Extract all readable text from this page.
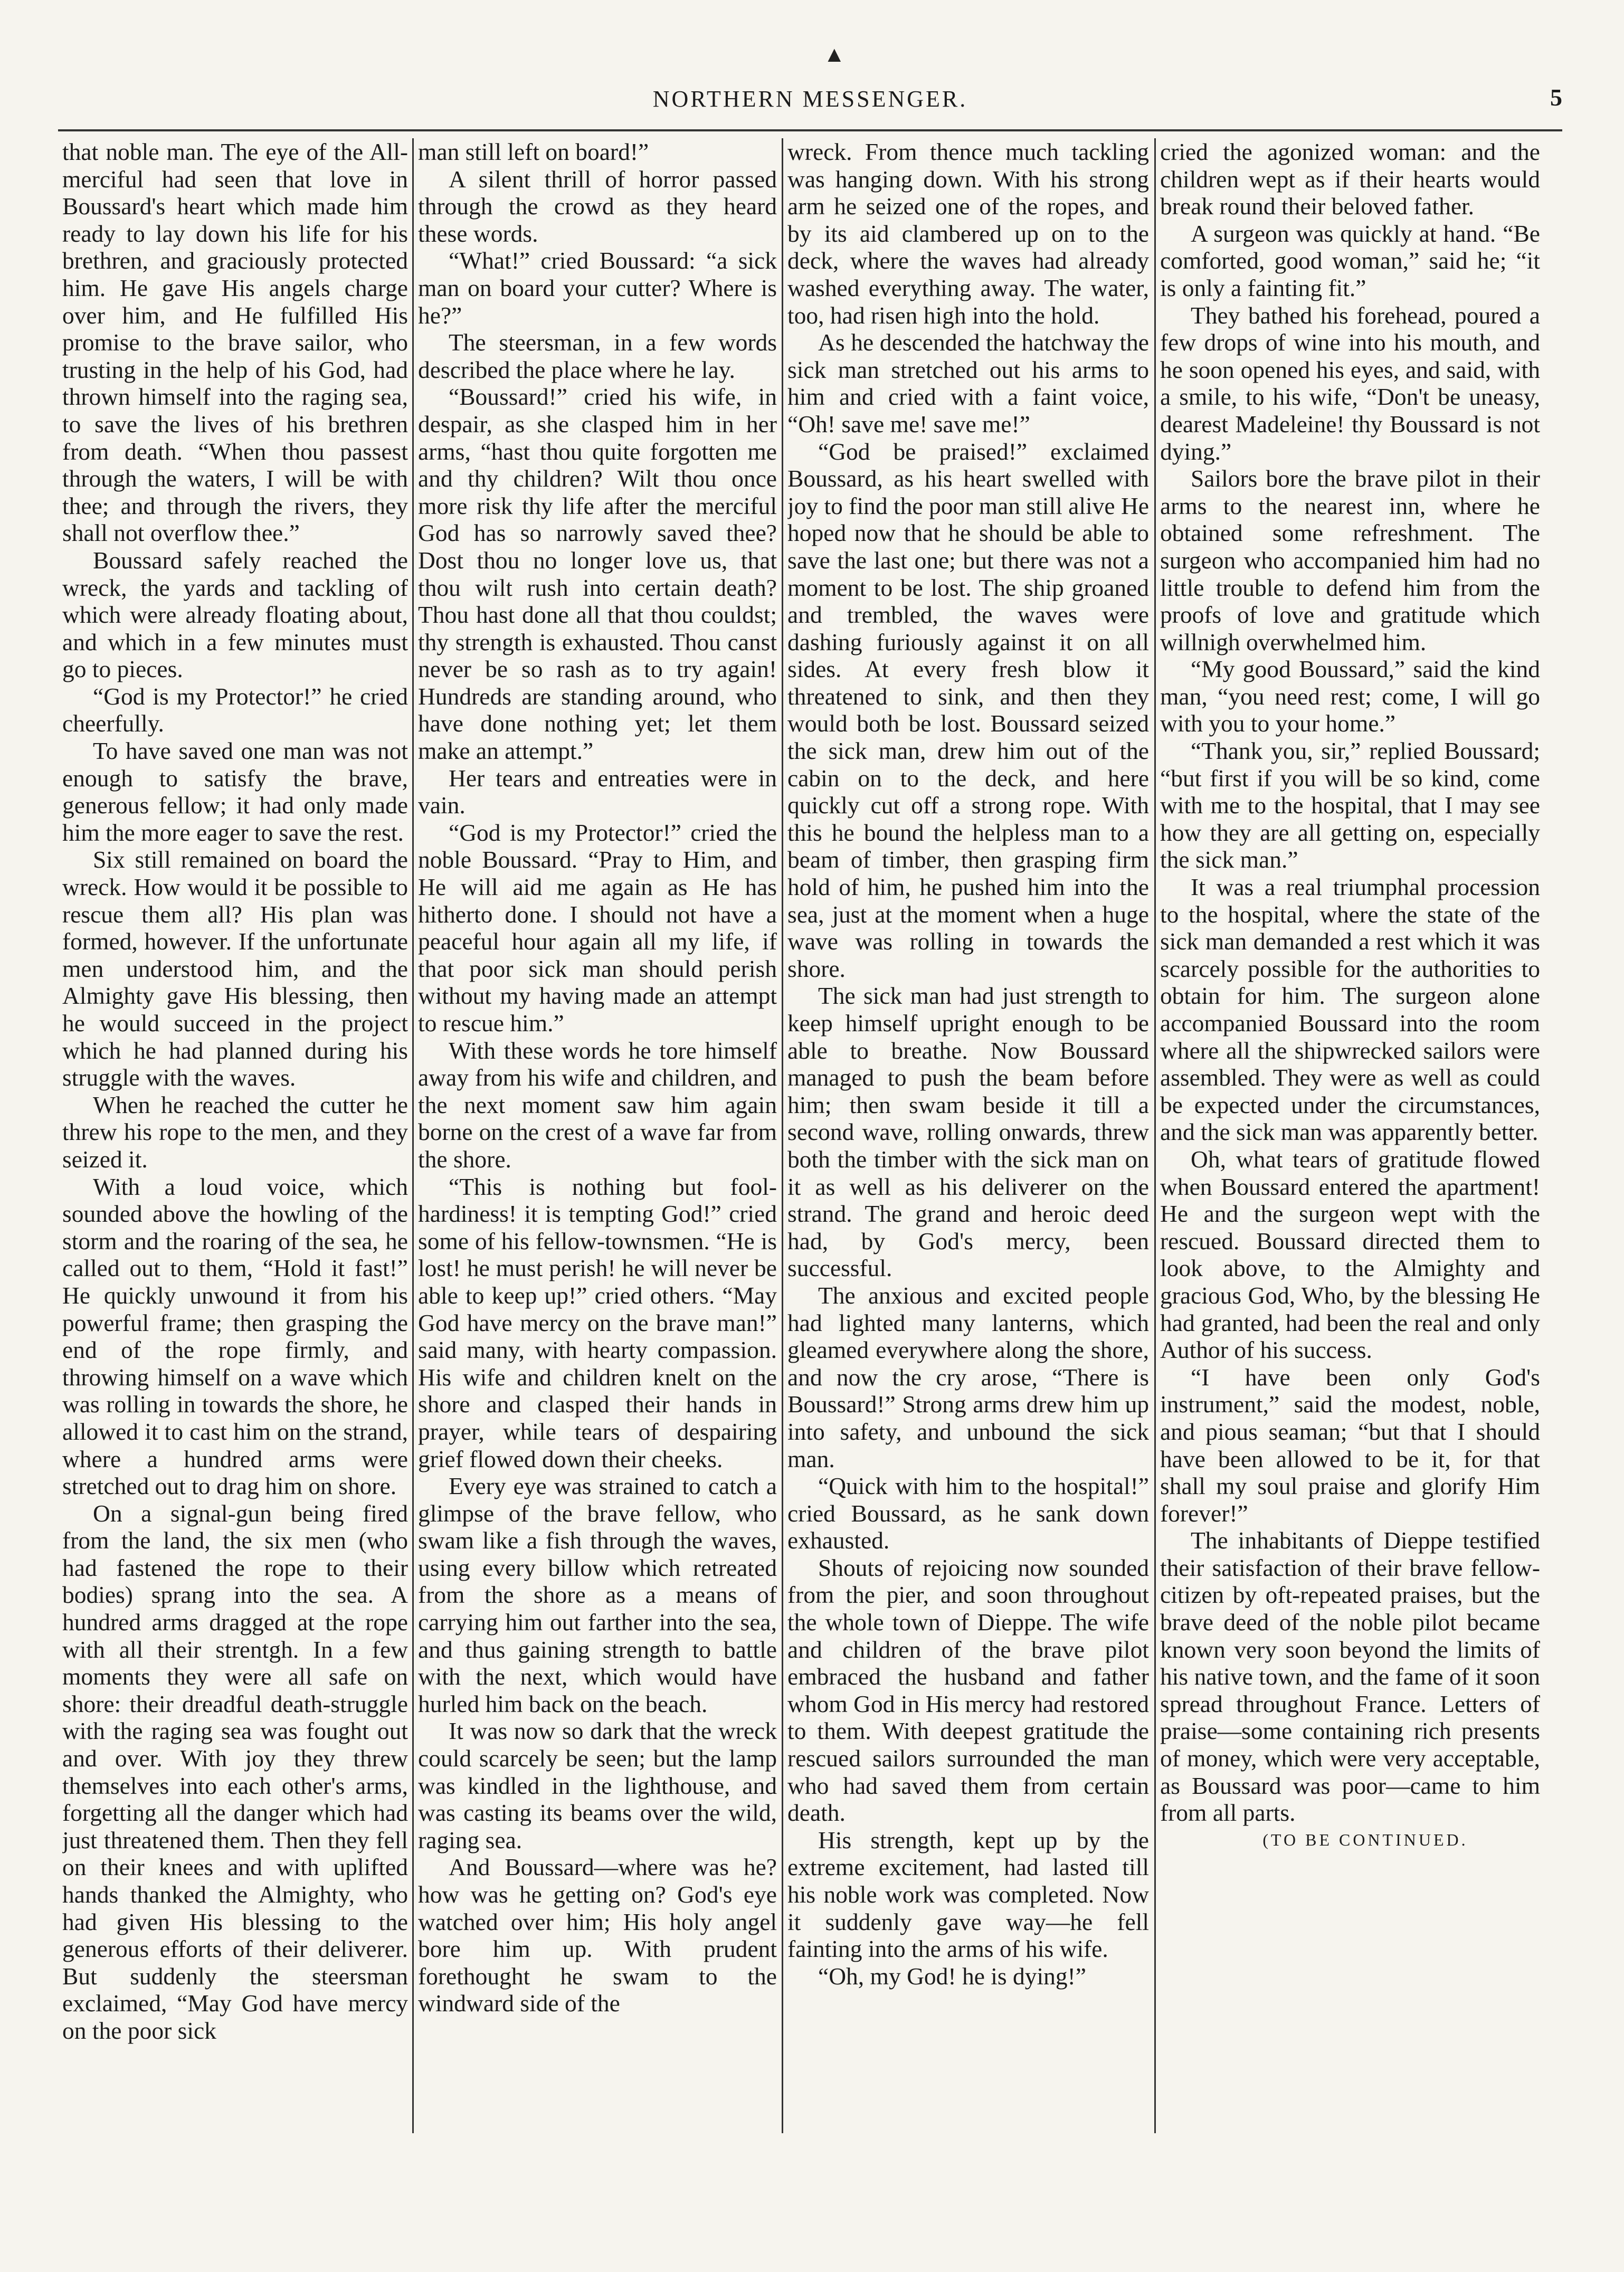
NORTHERN MESSENGER.	5
▲

that noble man. The eye of the All-merciful had seen that love in Boussard's heart which made him ready to lay down his life for his brethren, and graciously protected him. He gave His angels charge over him, and He fulfilled His promise to the brave sailor, who trusting in the help of his God, had thrown himself into the raging sea, to save the lives of his brethren from death. “When thou passest through the waters, I will be with thee; and through the rivers, they shall not overflow thee.”

Boussard safely reached the wreck, the yards and tackling of which were already floating about, and which in a few minutes must go to pieces.

“God is my Protector!” he cried cheerfully.

To have saved one man was not enough to satisfy the brave, generous fellow; it had only made him the more eager to save the rest.

Six still remained on board the wreck. How would it be possible to rescue them all? His plan was formed, however. If the unfortunate men understood him, and the Almighty gave His blessing, then he would succeed in the project which he had planned during his struggle with the waves.

When he reached the cutter he threw his rope to the men, and they seized it.

With a loud voice, which sounded above the howling of the storm and the roaring of the sea, he called out to them, “Hold it fast!” He quickly unwound it from his powerful frame; then grasping the end of the rope firmly, and throwing himself on a wave which was rolling in towards the shore, he allowed it to cast him on the strand, where a hundred arms were stretched out to drag him on shore.

On a signal-gun being fired from the land, the six men (who had fastened the rope to their bodies) sprang into the sea. A hundred arms dragged at the rope with all their strentgh. In a few moments they were all safe on shore: their dreadful death-struggle with the raging sea was fought out and over. With joy they threw themselves into each other's arms, forgetting all the danger which had just threatened them. Then they fell on their knees and with uplifted hands thanked the Almighty, who had given His blessing to the generous efforts of their deliverer. But suddenly the steersman exclaimed, “May God have mercy on the poor sick

man still left on board!”

A silent thrill of horror passed through the crowd as they heard these words.

“What!” cried Boussard: “a sick man on board your cutter? Where is he?”

The steersman, in a few words described the place where he lay.

“Boussard!” cried his wife, in despair, as she clasped him in her arms, “hast thou quite forgotten me and thy children? Wilt thou once more risk thy life after the merciful God has so narrowly saved thee? Dost thou no longer love us, that thou wilt rush into certain death? Thou hast done all that thou couldst; thy strength is exhausted. Thou canst never be so rash as to try again! Hundreds are standing around, who have done nothing yet; let them make an attempt.”

Her tears and entreaties were in vain.

“God is my Protector!” cried the noble Boussard. “Pray to Him, and He will aid me again as He has hitherto done. I should not have a peaceful hour again all my life, if that poor sick man should perish without my having made an attempt to rescue him.”

With these words he tore himself away from his wife and children, and the next moment saw him again borne on the crest of a wave far from the shore.

“This is nothing but fool-hardiness! it is tempting God!” cried some of his fellow-townsmen. “He is lost! he must perish! he will never be able to keep up!” cried others. “May God have mercy on the brave man!” said many, with hearty compassion. His wife and children knelt on the shore and clasped their hands in prayer, while tears of despairing grief flowed down their cheeks.

Every eye was strained to catch a glimpse of the brave fellow, who swam like a fish through the waves, using every billow which retreated from the shore as a means of carrying him out farther into the sea, and thus gaining strength to battle with the next, which would have hurled him back on the beach.

It was now so dark that the wreck could scarcely be seen; but the lamp was kindled in the lighthouse, and was casting its beams over the wild, raging sea.

And Boussard—where was he? how was he getting on? God's eye watched over him; His holy angel bore him up. With prudent forethought he swam to the windward side of the

wreck. From thence much tackling was hanging down. With his strong arm he seized one of the ropes, and by its aid clambered up on to the deck, where the waves had already washed everything away. The water, too, had risen high into the hold.

As he descended the hatchway the sick man stretched out his arms to him and cried with a faint voice, “Oh! save me! save me!”

“God be praised!” exclaimed Boussard, as his heart swelled with joy to find the poor man still alive He hoped now that he should be able to save the last one; but there was not a moment to be lost. The ship groaned and trembled, the waves were dashing furiously against it on all sides. At every fresh blow it threatened to sink, and then they would both be lost. Boussard seized the sick man, drew him out of the cabin on to the deck, and here quickly cut off a strong rope. With this he bound the helpless man to a beam of timber, then grasping firm hold of him, he pushed him into the sea, just at the moment when a huge wave was rolling in towards the shore.

The sick man had just strength to keep himself upright enough to be able to breathe. Now Boussard managed to push the beam before him; then swam beside it till a second wave, rolling onwards, threw both the timber with the sick man on it as well as his deliverer on the strand. The grand and heroic deed had, by God's mercy, been successful.

The anxious and excited people had lighted many lanterns, which gleamed everywhere along the shore, and now the cry arose, “There is Boussard!” Strong arms drew him up into safety, and unbound the sick man.

“Quick with him to the hospital!” cried Boussard, as he sank down exhausted.

Shouts of rejoicing now sounded from the pier, and soon throughout the whole town of Dieppe. The wife and children of the brave pilot embraced the husband and father whom God in His mercy had restored to them. With deepest gratitude the rescued sailors surrounded the man who had saved them from certain death.

His strength, kept up by the extreme excitement, had lasted till his noble work was completed. Now it suddenly gave way—he fell fainting into the arms of his wife.

“Oh, my God! he is dying!”

cried the agonized woman: and the children wept as if their hearts would break round their beloved father.

A surgeon was quickly at hand. “Be comforted, good woman,” said he; “it is only a fainting fit.”

They bathed his forehead, poured a few drops of wine into his mouth, and he soon opened his eyes, and said, with a smile, to his wife, “Don't be uneasy, dearest Madeleine! thy Boussard is not dying.”

Sailors bore the brave pilot in their arms to the nearest inn, where he obtained some refreshment. The surgeon who accompanied him had no little trouble to defend him from the proofs of love and gratitude which willnigh overwhelmed him.

“My good Boussard,” said the kind man, “you need rest; come, I will go with you to your home.”

“Thank you, sir,” replied Boussard; “but first if you will be so kind, come with me to the hospital, that I may see how they are all getting on, especially the sick man.”

It was a real triumphal procession to the hospital, where the state of the sick man demanded a rest which it was scarcely possible for the authorities to obtain for him. The surgeon alone accompanied Boussard into the room where all the shipwrecked sailors were assembled. They were as well as could be expected under the circumstances, and the sick man was apparently better.

Oh, what tears of gratitude flowed when Boussard entered the apartment! He and the surgeon wept with the rescued. Boussard directed them to look above, to the Almighty and gracious God, Who, by the blessing He had granted, had been the real and only Author of his success.

“I have been only God's instrument,” said the modest, noble, and pious seaman; “but that I should have been allowed to be it, for that shall my soul praise and glorify Him forever!”

The inhabitants of Dieppe testified their satisfaction of their brave fellow-citizen by oft-repeated praises, but the brave deed of the noble pilot became known very soon beyond the limits of his native town, and the fame of it soon spread throughout France. Letters of praise—some containing rich presents of money, which were very acceptable, as Boussard was poor—came to him from all parts.

(TO BE CONTINUED.
